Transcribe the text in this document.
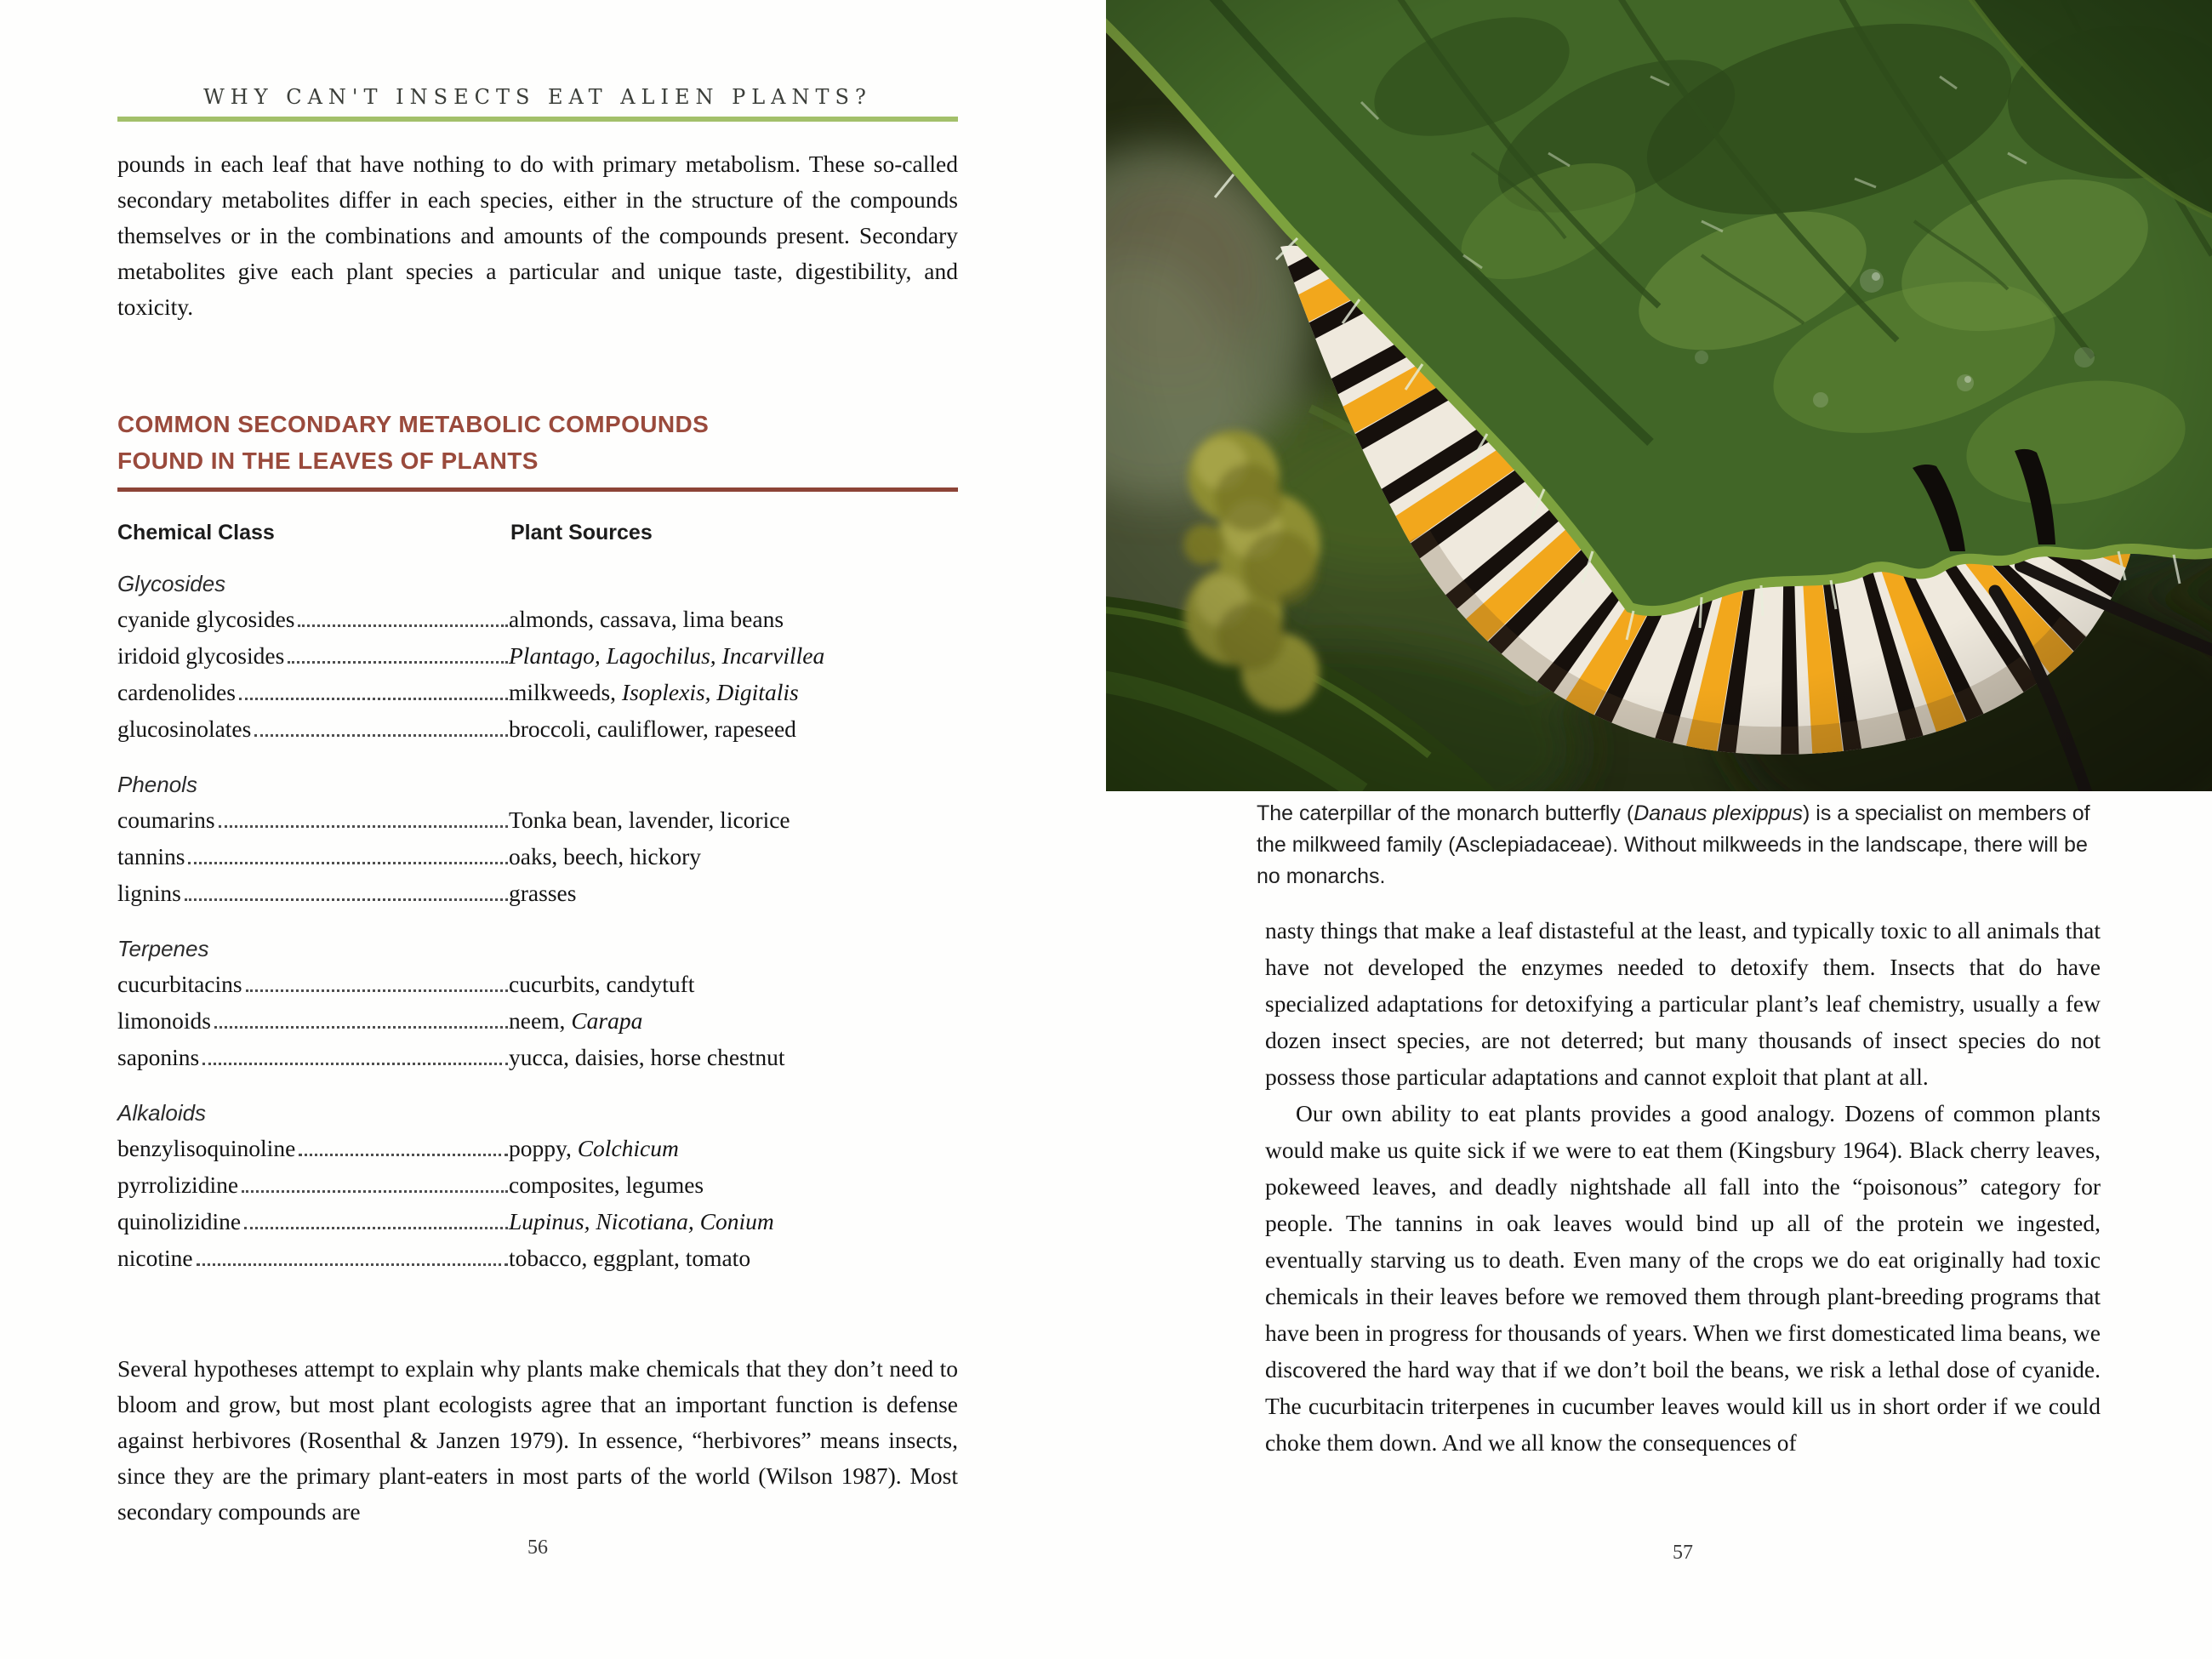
WHY CAN'T INSECTS EAT ALIEN PLANTS?
pounds in each leaf that have nothing to do with primary metabolism. These so-called secondary metabolites differ in each species, either in the structure of the compounds themselves or in the combinations and amounts of the compounds present. Secondary metabolites give each plant species a particular and unique taste, digestibility, and toxicity.
COMMON SECONDARY METABOLIC COMPOUNDS
FOUND IN THE LEAVES OF PLANTS
Chemical Class	Plant Sources
Glycosides
cyanide glycosides	almonds, cassava, lima beans
iridoid glycosides	Plantago, Lagochilus, Incarvillea
cardenolides	milkweeds, Isoplexis, Digitalis
glucosinolates	broccoli, cauliflower, rapeseed
Phenols
coumarins	Tonka bean, lavender, licorice
tannins	oaks, beech, hickory
lignins	grasses
Terpenes
cucurbitacins	cucurbits, candytuft
limonoids	neem, Carapa
saponins	yucca, daisies, horse chestnut
Alkaloids
benzylisoquinoline	poppy, Colchicum
pyrrolizidine	composites, legumes
quinolizidine	Lupinus, Nicotiana, Conium
nicotine	tobacco, eggplant, tomato
Several hypotheses attempt to explain why plants make chemicals that they don’t need to bloom and grow, but most plant ecologists agree that an important function is defense against herbivores (Rosenthal & Janzen 1979). In essence, “herbivores” means insects, since they are the primary plant-eaters in most parts of the world (Wilson 1987). Most secondary compounds are
56
The caterpillar of the monarch butterfly (Danaus plexippus) is a specialist on members of the milkweed family (Asclepiadaceae). Without milkweeds in the landscape, there will be no monarchs.

nasty things that make a leaf distasteful at the least, and typically toxic to all animals that have not developed the enzymes needed to detoxify them. Insects that do have specialized adaptations for detoxifying a particular plant’s leaf chemistry, usually a few dozen insect species, are not deterred; but many thousands of insect species do not possess those particular adaptations and cannot exploit that plant at all.

Our own ability to eat plants provides a good analogy. Dozens of common plants would make us quite sick if we were to eat them (Kingsbury 1964). Black cherry leaves, pokeweed leaves, and deadly nightshade all fall into the “poisonous” category for people. The tannins in oak leaves would bind up all of the protein we ingested, eventually starving us to death. Even many of the crops we do eat originally had toxic chemicals in their leaves before we removed them through plant-breeding programs that have been in progress for thousands of years. When we first domesticated lima beans, we discovered the hard way that if we don’t boil the beans, we risk a lethal dose of cyanide. The cucurbitacin triterpenes in cucumber leaves would kill us in short order if we could choke them down. And we all know the consequences of

57
